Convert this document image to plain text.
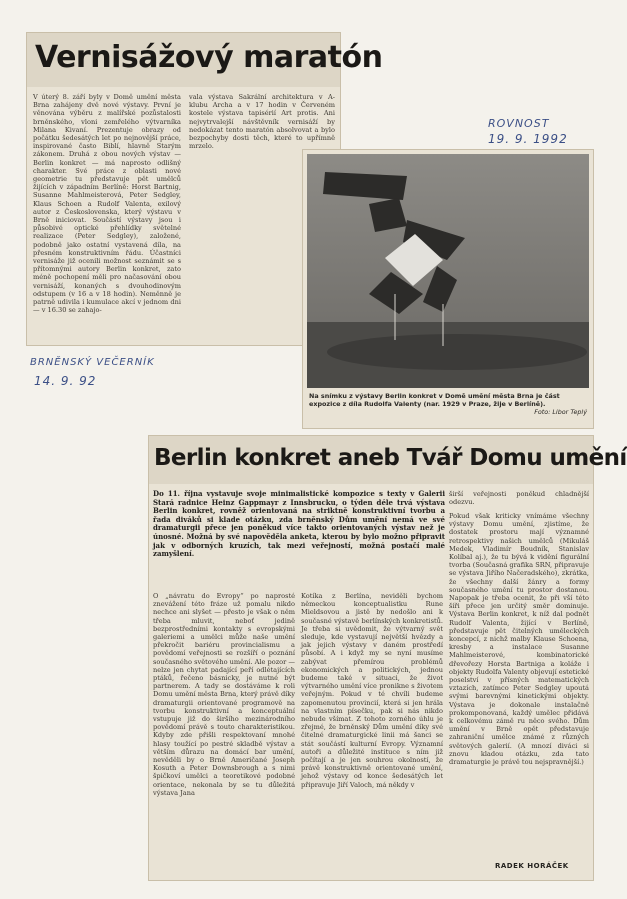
Vernisážový maratón
V úterý 8. září byly v Domě umění města Brna zahájeny dvě nové výstavy. První je věnována výběru z malířské pozůstalosti brněnského, vloni zemřelého výtvarníka Milana Kivaní. Prezentuje obrazy od počátku šedesátých let po nejnovější práce, inspirované často Biblí, hlavně Starým zákonem. Druhá z obou nových výstav — Berlin konkret — má naprosto odlišný charakter. Své práce z oblasti nové geometrie tu představuje pět umělců žijících v západním Berlíně: Horst Bartnig, Susanne Mahlmeisterová, Peter Sedgley, Klaus Schoen a Rudolf Valenta, exilový autor z Československa, který výstavu v Brně iniciovat. Součástí výstavy jsou i působivé optické přehlídky světelné realizace (Peter Sedgley), založené, podobně jako ostatní vystavená díla, na přesném konstruktivním řádu. Účastníci vernisáže již ocenili možnost seznámit se s přítomnými autory Berlin konkret, zato méně pochopení měli pro načasování obou vernisáží, konaných s dvouhodinovým odstupem (v 16 a v 18 hodin). Neměnně je patrně udivila i kumulace akcí v jednom dni — v 16.30 se zahajo-
vala výstava Sakrální architektura v A-klubu Archa a v 17 hodin v Červeném kostele výstava tapisérií Art protis. Ani nejvytrvalejší návštěvník vernisáží by nedokázat tento maratón absolvovat a bylo bezpochyby dosti těch, které to upřímně mrzelo.
ROVNOST
19. 9. 1992
BRNĚNSKÝ VEČERNÍK
14. 9. 92
Na snímku z výstavy Berlin konkret v Domě umění města Brna je část expozice z díla Rudolfa Valenty (nar. 1929 v Praze, žije v Berlíně).
Foto: Libor Teplý
Berlin konkret aneb Tvář Domu umění
Do 11. října vystavuje svoje minimalistické kompozice s texty v Galerii Stará radnice Heinz Gappmayr z Innsbrucku, o týden déle trvá výstava Berlin konkret, rovněž orientovaná na striktně konstruktivní tvorbu a řada diváků si klade otázku, zda brněnský Dům umění nemá ve své dramaturgii přece jen poněkud více takto orientovaných výstav než je únosné. Možná by své napověděla anketa, kterou by bylo možno připravit jak v odborných kruzích, tak mezi veřejností, možná postačí malé zamyšlení.
širší veřejnosti poněkud chladnější odezvu.
O „návratu do Evropy“ po naprosté znevážení této fráze už pomalu nikdo nechce ani slyšet — přesto je však o něm třeba mluvit, neboť jedině bezprostředními kontakty s evropskými galeriemi a umělci může naše umění překročit bariéru provincialismu a povědomí veřejnosti se rozšíří o poznání současného světového umění. Ale pozor — nelze jen chytat padající peří odlétajících ptáků, řečeno básnicky, je nutné být partnerem. A tady se dostáváme k roli Domu umění města Brna, který právě díky dramaturgii orientované programově na tvorbu konstruktivní a konceptuální vstupuje již do širšího mezinárodního povědomí právě s touto charakteristikou. Kdyby zde přišli respektovaní mnohé hlasy toužící po pestré skladbě výstav a větším důrazu na domácí bar umění, nevěděli by o Brně Američané Joseph Kosuth a Peter Downsbrough a s nimi špičkoví umělci a teoretikové podobné orientace, nekonala by se tu důležitá výstava Jana
Kotíka z Berlína, neviděli bychom německou konceptualistku Rune Mieldsovou a jistě by nedošlo ani k současné výstavě berlínských konkretistů. Je třeba si uvědomit, že výtvarný svět sleduje, kde vystavují největší hvězdy a jak jejich výstavy v daném prostředí působí. A i když my se nyní musíme zabývat přemírou problémů ekonomických a politických, jednou budeme také v situaci, že život výtvarného umění více proniknе s životem veřejným. Pokud v té chvíli budeme zapomenutou provincií, která si jen hrála na vlastním písečku, pak si nás nikdo nebude všímat. Z tohoto zorného úhlu je zřejmé, že brněnský Dům umění díky své čitelné dramaturgické linii má šanci se stát součástí kulturní Evropy. Významní autoři a důležité instituce s ním již počítají a je jen souhrou okolností, že právě konstruktivně orientované umění, jehož výstavy od konce šedesátých let připravuje Jiří Valoch, má někdy v
Pokud však kriticky vnímáme všechny výstavy Domu umění, zjistíme, že dostatek prostoru mají významné retrospektivy našich umělců (Mikuláš Medek, Vladimír Boudník, Stanislav Kolíbal aj.), že tu bývá k vidění figurální tvorba (Současná grafika SRN, připravuje se výstava Jiřího Načeradského), zkrátka, že všechny další žánry a formy současného umění tu prostor dostanou. Napopak je třeba ocenit, že při vší této šíři přece jen určitý směr dominuje. Výstava Berlin konkret, k níž dal podnět Rudolf Valenta, žijící v Berlíně, představuje pět čitelných uměleckých koncepcí, z nichž malby Klause Schoena, kresby a instalace Susanne Mahlmeisterové, kombinatorické dřevořezy Horsta Bartniga a koláže i objekty Rudolfa Valenty objevují estetické poselství v přísných matematických vztazích, zatímco Peter Sedgley upoutá svými barevnými kinetickými objekty. Výstava je dokonale instalačně prokomponovaná, každý umělec přidává k celkovému zámě ru něco svého. Dům umění v Brně opět představuje zahraniční umělce známé z různých světových galerií. (A mnozí diváci si znovu kladou otázku, zda tato dramaturgie je právě tou nejspravnější.)
RADEK HORÁČEK
